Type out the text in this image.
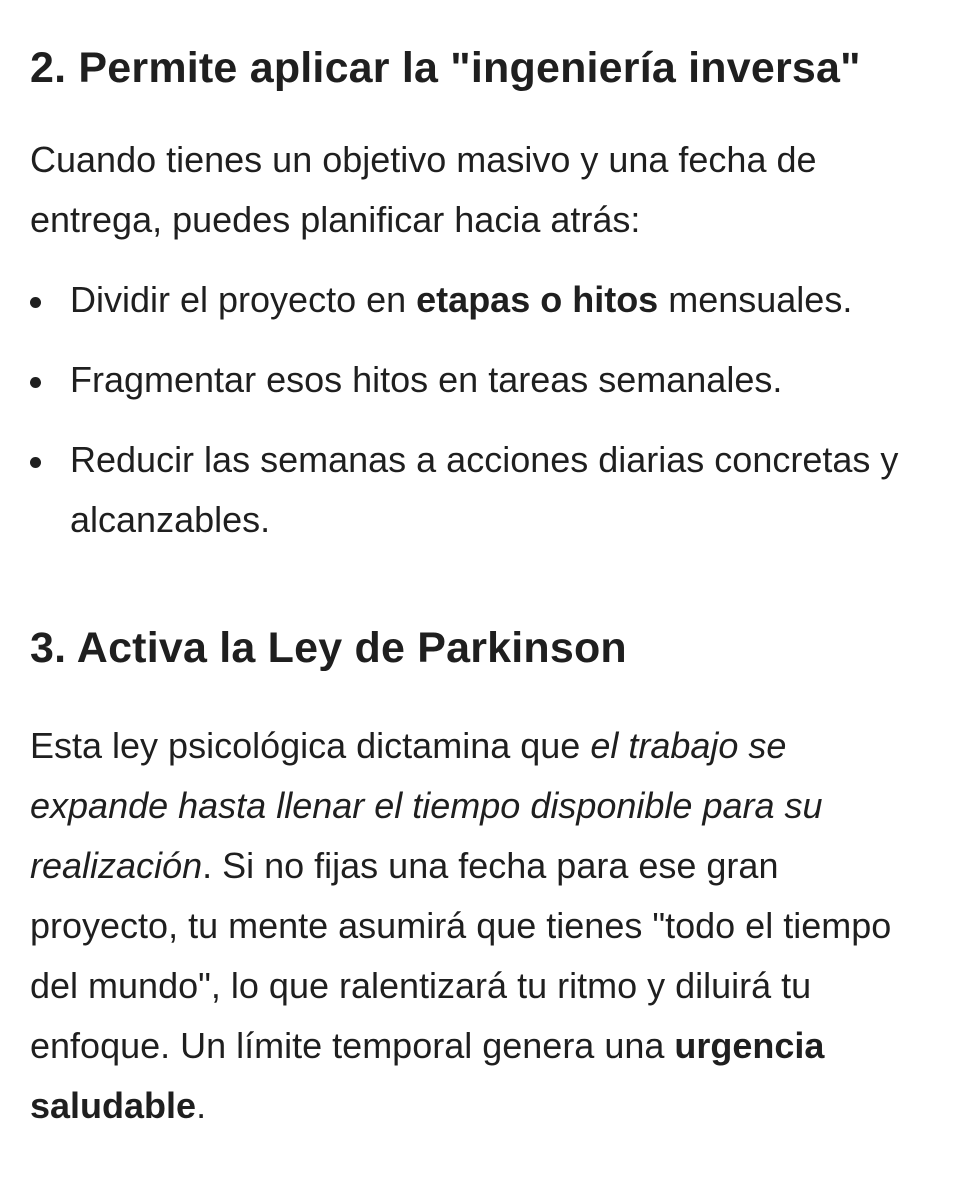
2. Permite aplicar la "ingeniería inversa"

Cuando tienes un objetivo masivo y una fecha de entrega, puedes planificar hacia atrás:

Dividir el proyecto en etapas o hitos mensuales.
Fragmentar esos hitos en tareas semanales.
Reducir las semanas a acciones diarias concretas y alcanzables.
3. Activa la Ley de Parkinson

Esta ley psicológica dictamina que el trabajo se expande hasta llenar el tiempo disponible para su realización. Si no fijas una fecha para ese gran proyecto, tu mente asumirá que tienes "todo el tiempo del mundo", lo que ralentizará tu ritmo y diluirá tu enfoque. Un límite temporal genera una urgencia saludable.
